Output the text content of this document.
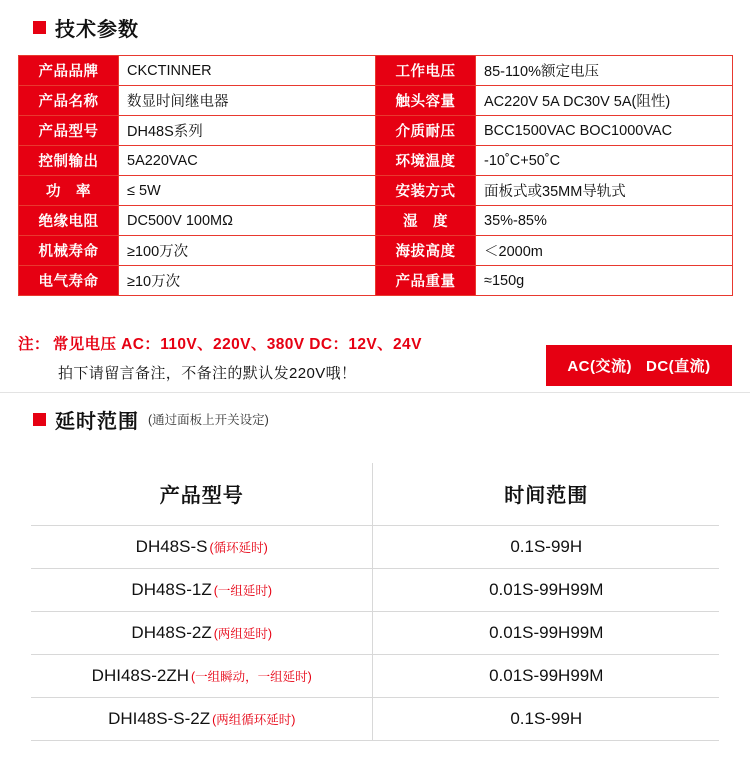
技术参数
产品品牌	CKCTINNER	工作电压	85-110%额定电压
产品名称	数显时间继电器	触头容量	AC220V 5A DC30V 5A(阻性)
产品型号	DH48S系列	介质耐压	BCC1500VAC BOC1000VAC
控制输出	5A220VAC	环境温度	-10˚C+50˚C
功　率	≤ 5W	安装方式	面板式或35MM导轨式
绝缘电阻	DC500V 100MΩ	湿　度	35%-85%
机械寿命	≥100万次	海拔高度	＜2000m
电气寿命	≥10万次	产品重量	≈150g
注： 常见电压 AC：110V、220V、380V DC：12V、24V
拍下请留言备注，不备注的默认发220V哦！	AC(交流) DC(直流)
延时范围 (通过面板上开关设定)
产品型号	时间范围
DH48S-S (循环延时)	0.1S-99H
DH48S-1Z (一组延时)	0.01S-99H99M
DH48S-2Z (两组延时)	0.01S-99H99M
DHI48S-2ZH (一组瞬动，一组延时)	0.01S-99H99M
DHI48S-S-2Z (两组循环延时)	0.1S-99H
